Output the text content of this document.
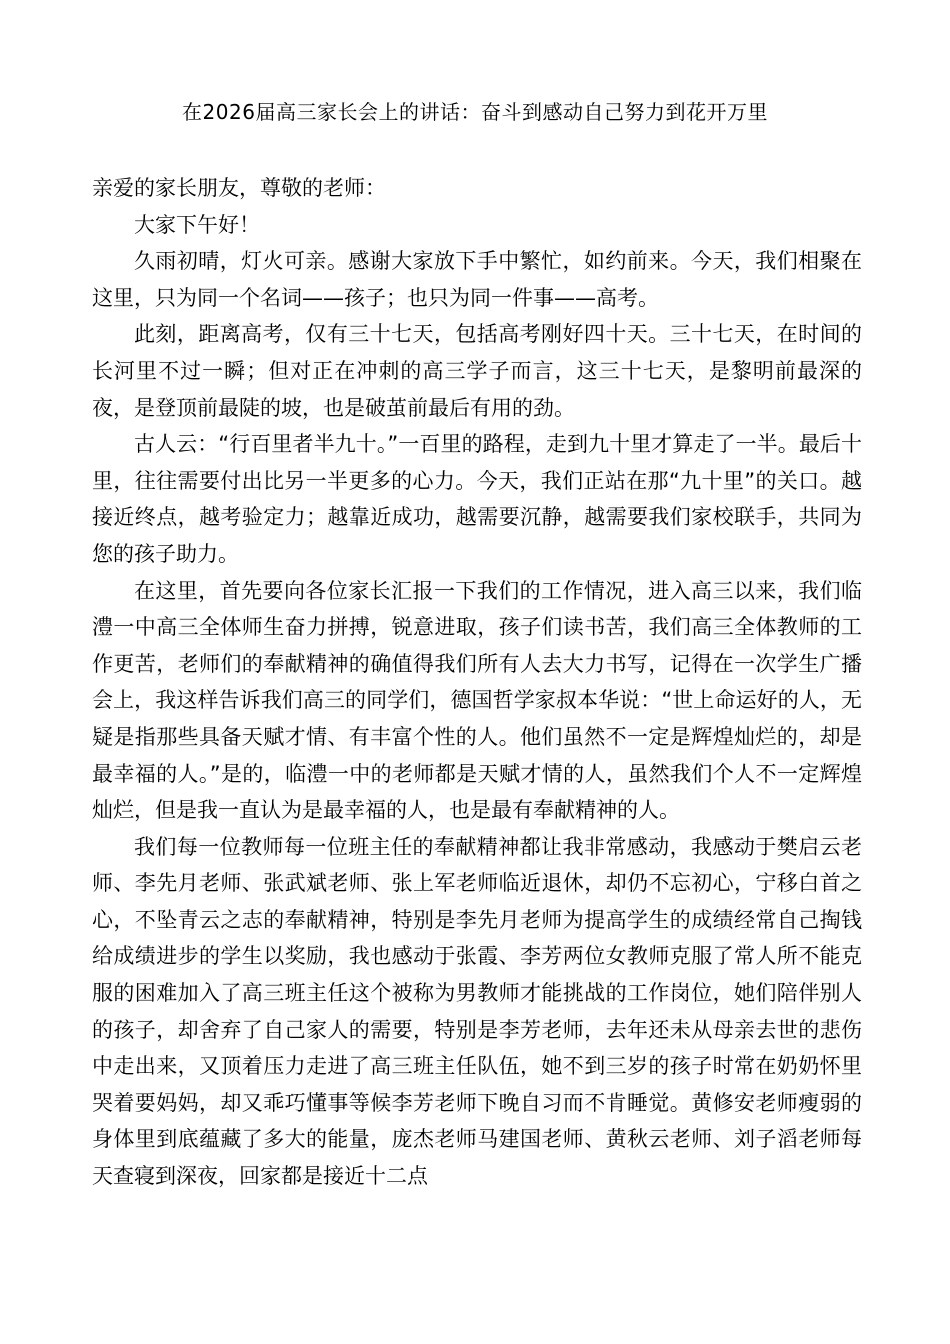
在2026届高三家长会上的讲话：奋斗到感动自己努力到花开万里

亲爱的家长朋友，尊敬的老师：

大家下午好！

久雨初晴，灯火可亲。感谢大家放下手中繁忙，如约前来。今天，我们相聚在这里，只为同一个名词——孩子；也只为同一件事——高考。

此刻，距离高考，仅有三十七天，包括高考刚好四十天。三十七天，在时间的长河里不过一瞬；但对正在冲刺的高三学子而言，这三十七天，是黎明前最深的夜，是登顶前最陡的坡，也是破茧前最后有用的劲。

古人云：“行百里者半九十。”一百里的路程，走到九十里才算走了一半。最后十里，往往需要付出比另一半更多的心力。今天，我们正站在那“九十里”的关口。越接近终点，越考验定力；越靠近成功，越需要沉静，越需要我们家校联手，共同为您的孩子助力。

在这里，首先要向各位家长汇报一下我们的工作情况，进入高三以来，我们临澧一中高三全体师生奋力拼搏，锐意进取，孩子们读书苦，我们高三全体教师的工作更苦，老师们的奉献精神的确值得我们所有人去大力书写，记得在一次学生广播会上，我这样告诉我们高三的同学们，德国哲学家叔本华说：“世上命运好的人，无疑是指那些具备天赋才情、有丰富个性的人。他们虽然不一定是辉煌灿烂的，却是最幸福的人。”是的，临澧一中的老师都是天赋才情的人，虽然我们个人不一定辉煌灿烂，但是我一直认为是最幸福的人，也是最有奉献精神的人。

我们每一位教师每一位班主任的奉献精神都让我非常感动，我感动于樊启云老师、李先月老师、张武斌老师、张上军老师临近退休，却仍不忘初心，宁移白首之心，不坠青云之志的奉献精神，特别是李先月老师为提高学生的成绩经常自己掏钱给成绩进步的学生以奖励，我也感动于张霞、李芳两位女教师克服了常人所不能克服的困难加入了高三班主任这个被称为男教师才能挑战的工作岗位，她们陪伴别人的孩子，却舍弃了自己家人的需要，特别是李芳老师，去年还未从母亲去世的悲伤中走出来，又顶着压力走进了高三班主任队伍，她不到三岁的孩子时常在奶奶怀里哭着要妈妈，却又乖巧懂事等候李芳老师下晚自习而不肯睡觉。黄修安老师瘦弱的身体里到底蕴藏了多大的能量，庞杰老师马建国老师、黄秋云老师、刘子滔老师每天查寝到深夜，回家都是接近十二点
